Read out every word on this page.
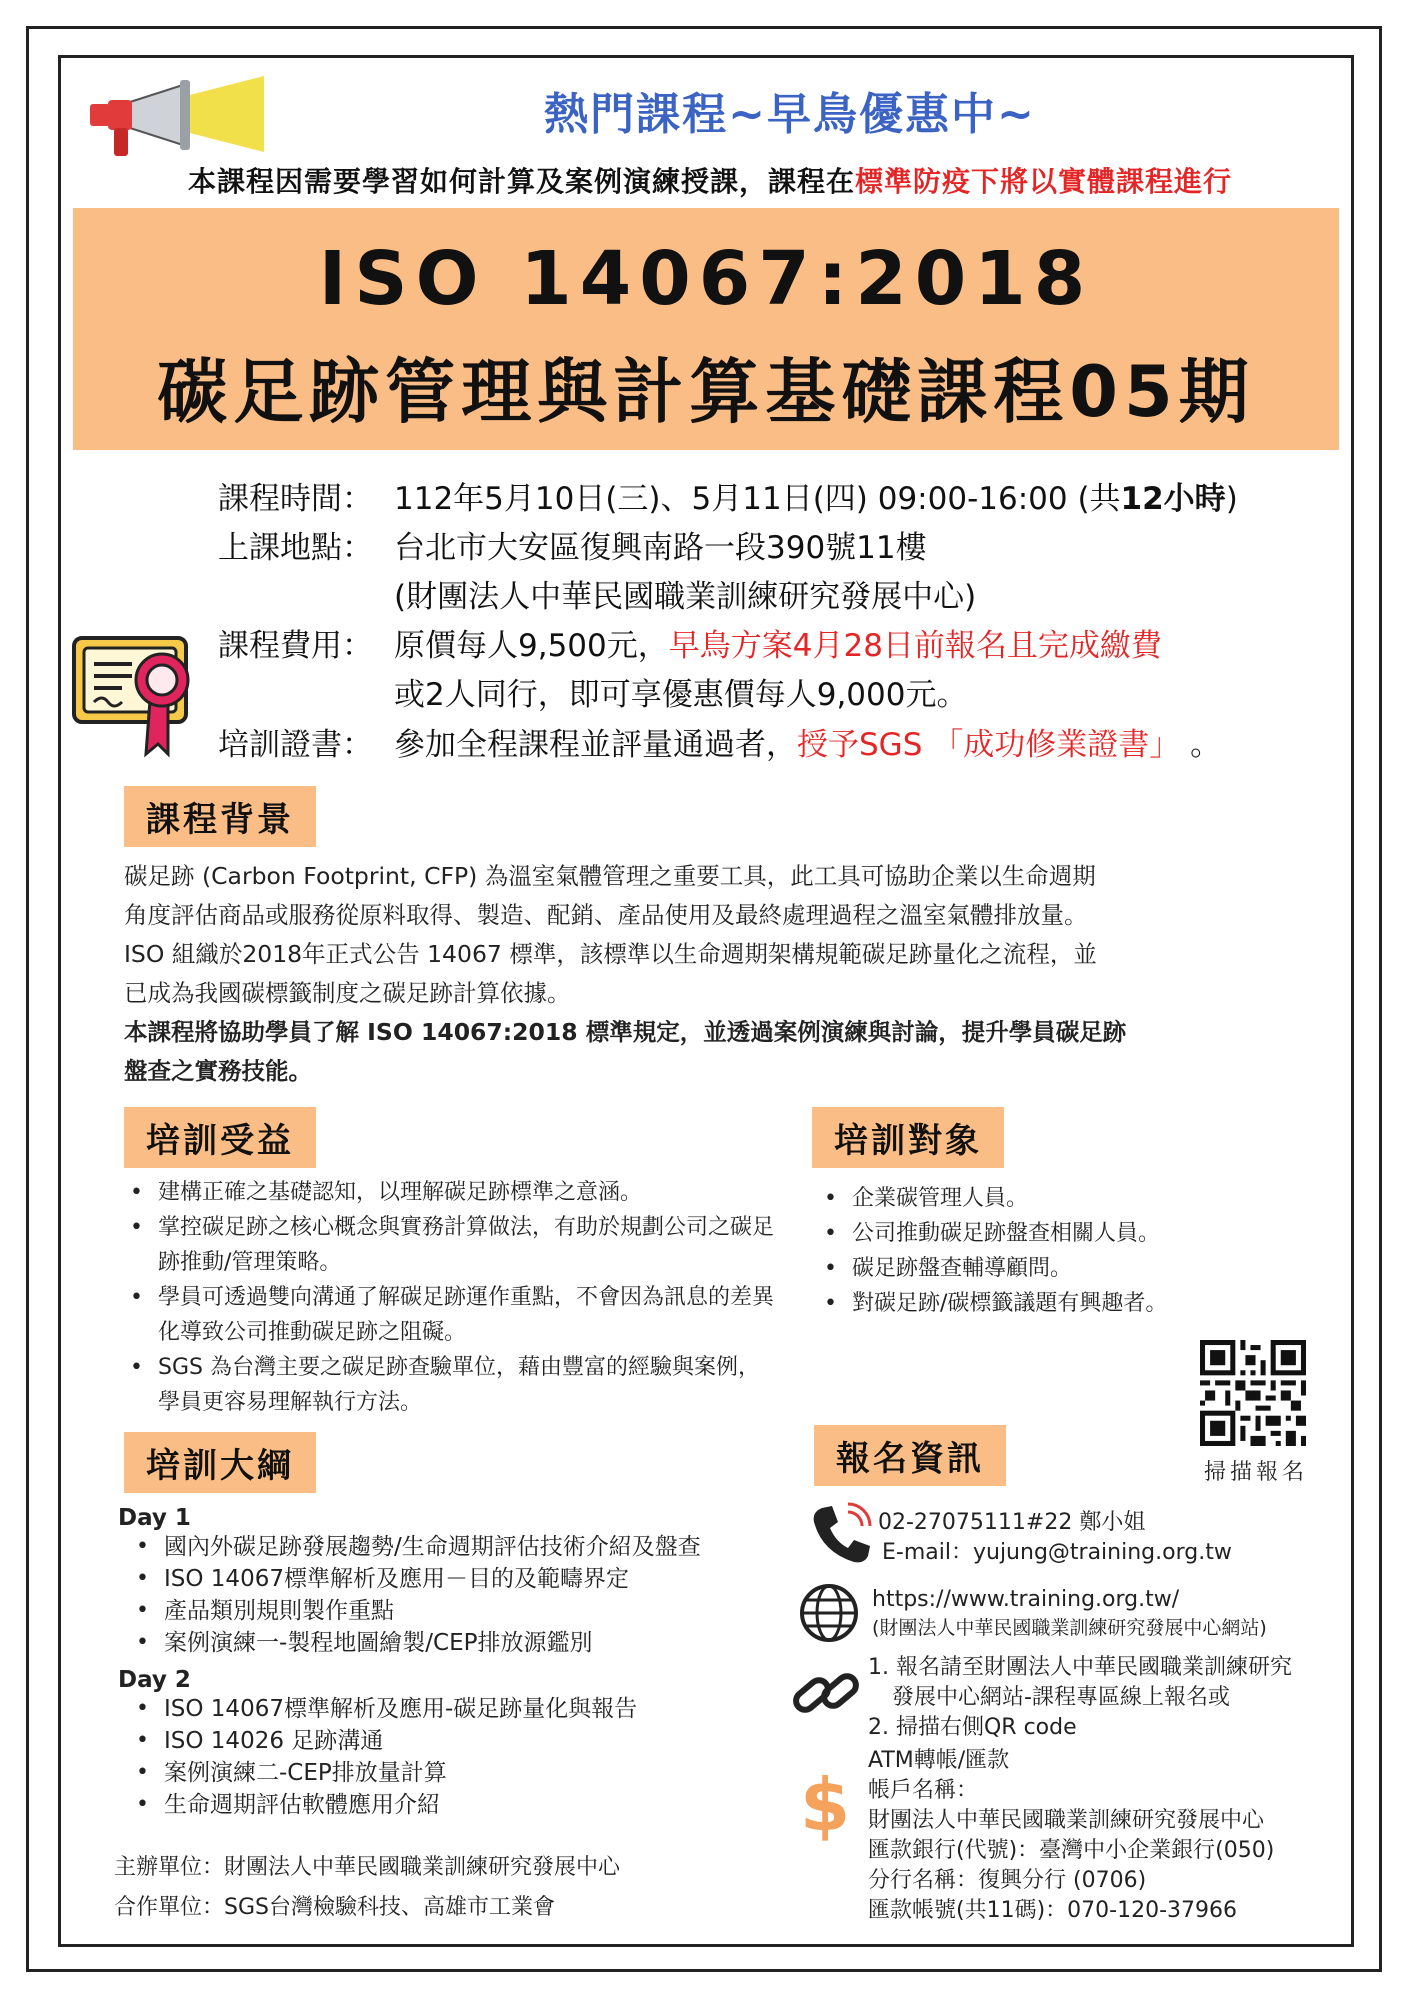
熱門課程~早鳥優惠中~
本課程因需要學習如何計算及案例演練授課，課程在標準防疫下將以實體課程進行
ISO 14067:2018
碳足跡管理與計算基礎課程05期
課程時間： 112年5月10日(三)、5月11日(四) 09:00-16:00 (共12小時)
上課地點： 台北市大安區復興南路一段390號11樓
(財團法人中華民國職業訓練研究發展中心)
課程費用： 原價每人9,500元，早鳥方案4月28日前報名且完成繳費
或2人同行，即可享優惠價每人9,000元。
培訓證書： 參加全程課程並評量通過者，授予SGS 「成功修業證書」 。
課程背景

碳足跡 (Carbon Footprint, CFP) 為溫室氣體管理之重要工具，此工具可協助企業以生命週期

角度評估商品或服務從原料取得、製造、配銷、產品使用及最終處理過程之溫室氣體排放量。

ISO 組織於2018年正式公告 14067 標準，該標準以生命週期架構規範碳足跡量化之流程，並

已成為我國碳標籤制度之碳足跡計算依據。

本課程將協助學員了解 ISO 14067:2018 標準規定，並透過案例演練與討論，提升學員碳足跡

盤查之實務技能。

培訓受益
• 建構正確之基礎認知，以理解碳足跡標準之意涵。
• 掌控碳足跡之核心概念與實務計算做法，有助於規劃公司之碳足跡推動/管理策略。
• 學員可透過雙向溝通了解碳足跡運作重點，不會因為訊息的差異化導致公司推動碳足跡之阻礙。
• SGS 為台灣主要之碳足跡查驗單位，藉由豐富的經驗與案例，學員更容易理解執行方法。
培訓對象
• 企業碳管理人員。
• 公司推動碳足跡盤查相關人員。
• 碳足跡盤查輔導顧問。
• 對碳足跡/碳標籤議題有興趣者。
掃描報名
培訓大綱
Day 1
• 國內外碳足跡發展趨勢/生命週期評估技術介紹及盤查
• ISO 14067標準解析及應用－目的及範疇界定
• 產品類別規則製作重點
• 案例演練一-製程地圖繪製/CEP排放源鑑別
Day 2
• ISO 14067標準解析及應用-碳足跡量化與報告
• ISO 14026 足跡溝通
• 案例演練二-CEP排放量計算
• 生命週期評估軟體應用介紹
報名資訊
02-27075111#22 鄭小姐
E-mail：yujung@training.org.tw
https://www.training.org.tw/
(財團法人中華民國職業訓練研究發展中心網站)
1. 報名請至財團法人中華民國職業訓練研究
發展中心網站-課程專區線上報名或
2. 掃描右側QR code
ATM轉帳/匯款
$ 帳戶名稱：
財團法人中華民國職業訓練研究發展中心
匯款銀行(代號)：臺灣中小企業銀行(050)
分行名稱：復興分行 (0706)
匯款帳號(共11碼)：070-120-37966
主辦單位：財團法人中華民國職業訓練研究發展中心
合作單位：SGS台灣檢驗科技、高雄市工業會
